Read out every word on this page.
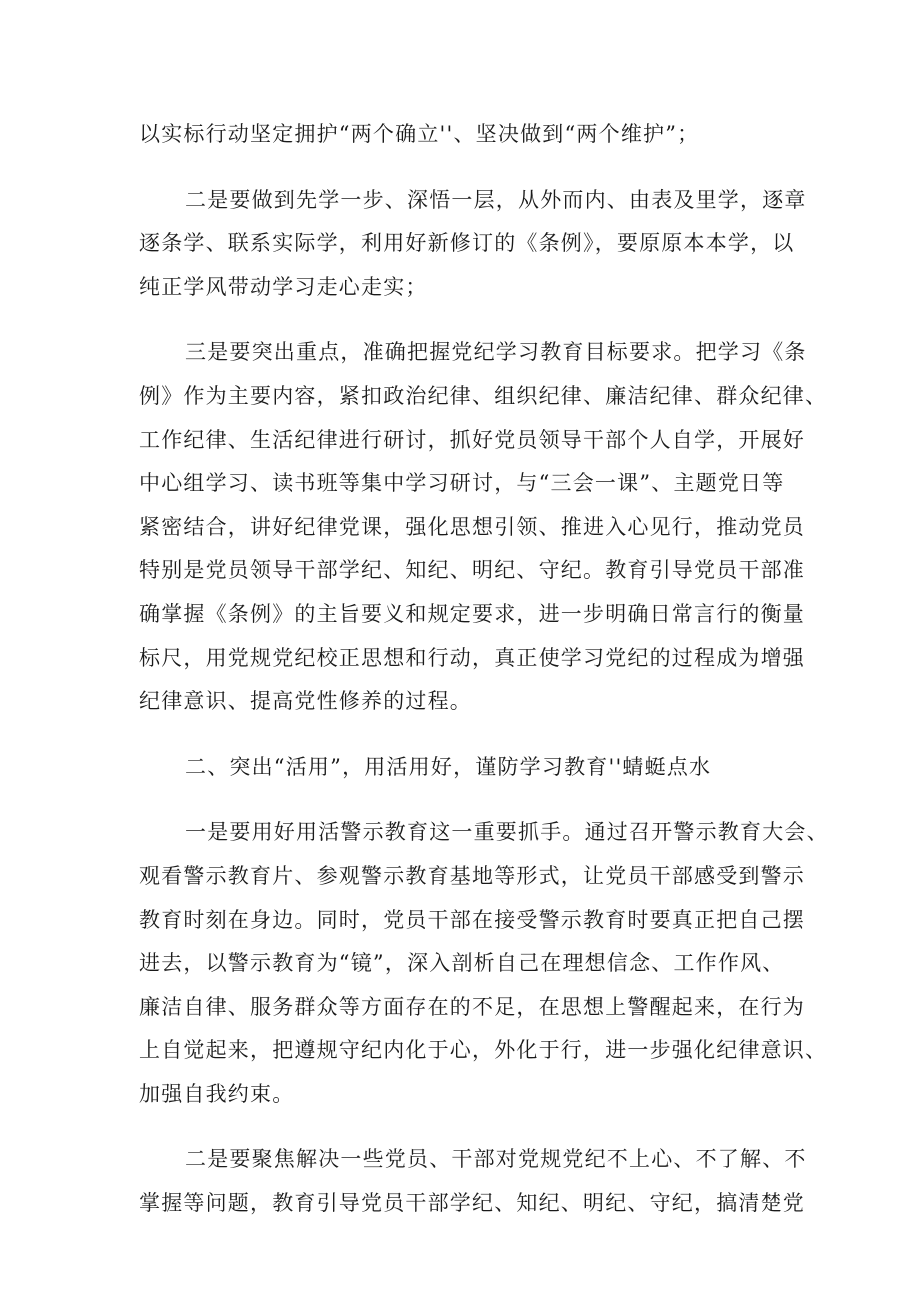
以实标行动坚定拥护“两个确立''、坚决做到“两个维护”；
二是要做到先学一步、深悟一层，从外而内、由表及里学，逐章
逐条学、联系实际学，利用好新修订的《条例》，要原原本本学，以
纯正学风带动学习走心走实；
三是要突出重点，准确把握党纪学习教育目标要求。把学习《条
例》作为主要内容，紧扣政治纪律、组织纪律、廉洁纪律、群众纪律、
工作纪律、生活纪律进行研讨，抓好党员领导干部个人自学，开展好
中心组学习、读书班等集中学习研讨，与“三会一课”、主题党日等
紧密结合，讲好纪律党课，强化思想引领、推进入心见行，推动党员
特别是党员领导干部学纪、知纪、明纪、守纪。教育引导党员干部准
确掌握《条例》的主旨要义和规定要求，进一步明确日常言行的衡量
标尺，用党规党纪校正思想和行动，真正使学习党纪的过程成为增强
纪律意识、提高党性修养的过程。
二、突出“活用”，用活用好，谨防学习教育''蜻蜓点水
一是要用好用活警示教育这一重要抓手。通过召开警示教育大会、
观看警示教育片、参观警示教育基地等形式，让党员干部感受到警示
教育时刻在身边。同时，党员干部在接受警示教育时要真正把自己摆
进去，以警示教育为“镜”，深入剖析自己在理想信念、工作作风、
廉洁自律、服务群众等方面存在的不足，在思想上警醒起来，在行为
上自觉起来，把遵规守纪内化于心，外化于行，进一步强化纪律意识、
加强自我约束。
二是要聚焦解决一些党员、干部对党规党纪不上心、不了解、不
掌握等问题，教育引导党员干部学纪、知纪、明纪、守纪，搞清楚党
